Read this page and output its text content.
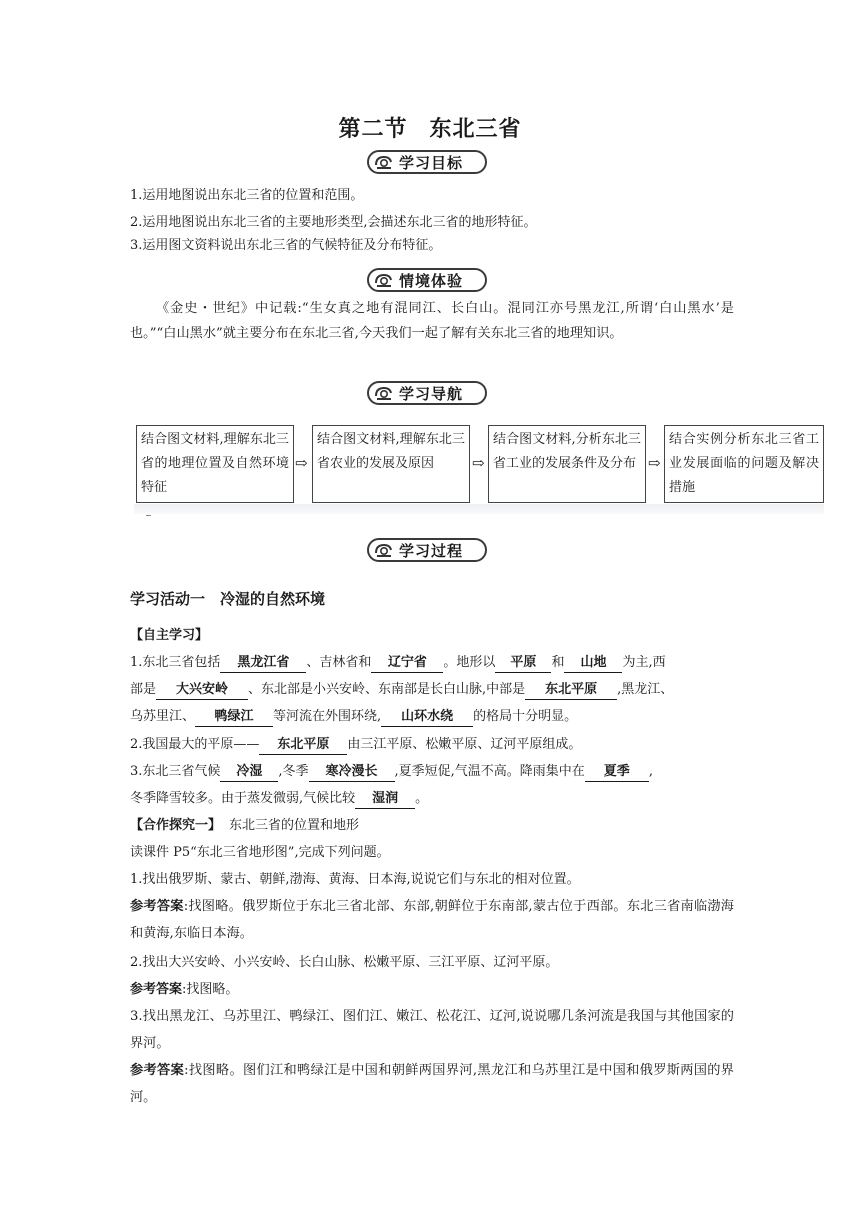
第二节 东北三省
学习目标
1.运用地图说出东北三省的位置和范围。
2.运用地图说出东北三省的主要地形类型,会描述东北三省的地形特征。
3.运用图文资料说出东北三省的气候特征及分布特征。
情境体验
《金史・世纪》中记载:“生女真之地有混同江、长白山。混同江亦号黑龙江,所谓‘白山黑水’是也。”“白山黑水”就主要分布在东北三省,今天我们一起了解有关东北三省的地理知识。
学习导航
结合图文材料,理解东北三省的地理位置及自然环境特征
⇨
结合图文材料,理解东北三省农业的发展及原因	⇨
结合图文材料,分析东北三省工业的发展条件及分布 ⇨
结合实例分析东北三省工业发展面临的问题及解决措施
学习过程
学习活动一　冷湿的自然环境
【自主学习】
1.东北三省包括 黑龙江省 、吉林省和 辽宁省 。地形以 平原 和 山地 为主,西
部是 大兴安岭 、东北部是小兴安岭、东南部是长白山脉,中部是 东北平原 ,黑龙江、
乌苏里江、 鸭绿江 等河流在外围环绕, 山环水绕 的格局十分明显。
2.我国最大的平原—— 东北平原 由三江平原、松嫩平原、辽河平原组成。
3.东北三省气候 冷湿 ,冬季 寒冷漫长 ,夏季短促,气温不高。降雨集中在 夏季 ,
冬季降雪较多。由于蒸发微弱,气候比较 湿润 。
【合作探究一】 东北三省的位置和地形
读课件 P5“东北三省地形图”,完成下列问题。
1.找出俄罗斯、蒙古、朝鲜,渤海、黄海、日本海,说说它们与东北的相对位置。
参考答案:找图略。俄罗斯位于东北三省北部、东部,朝鲜位于东南部,蒙古位于西部。东北三省南临渤海和黄海,东临日本海。
2.找出大兴安岭、小兴安岭、长白山脉、松嫩平原、三江平原、辽河平原。
参考答案:找图略。
3.找出黑龙江、乌苏里江、鸭绿江、图们江、嫩江、松花江、辽河,说说哪几条河流是我国与其他国家的界河。
参考答案:找图略。图们江和鸭绿江是中国和朝鲜两国界河,黑龙江和乌苏里江是中国和俄罗斯两国的界河。
